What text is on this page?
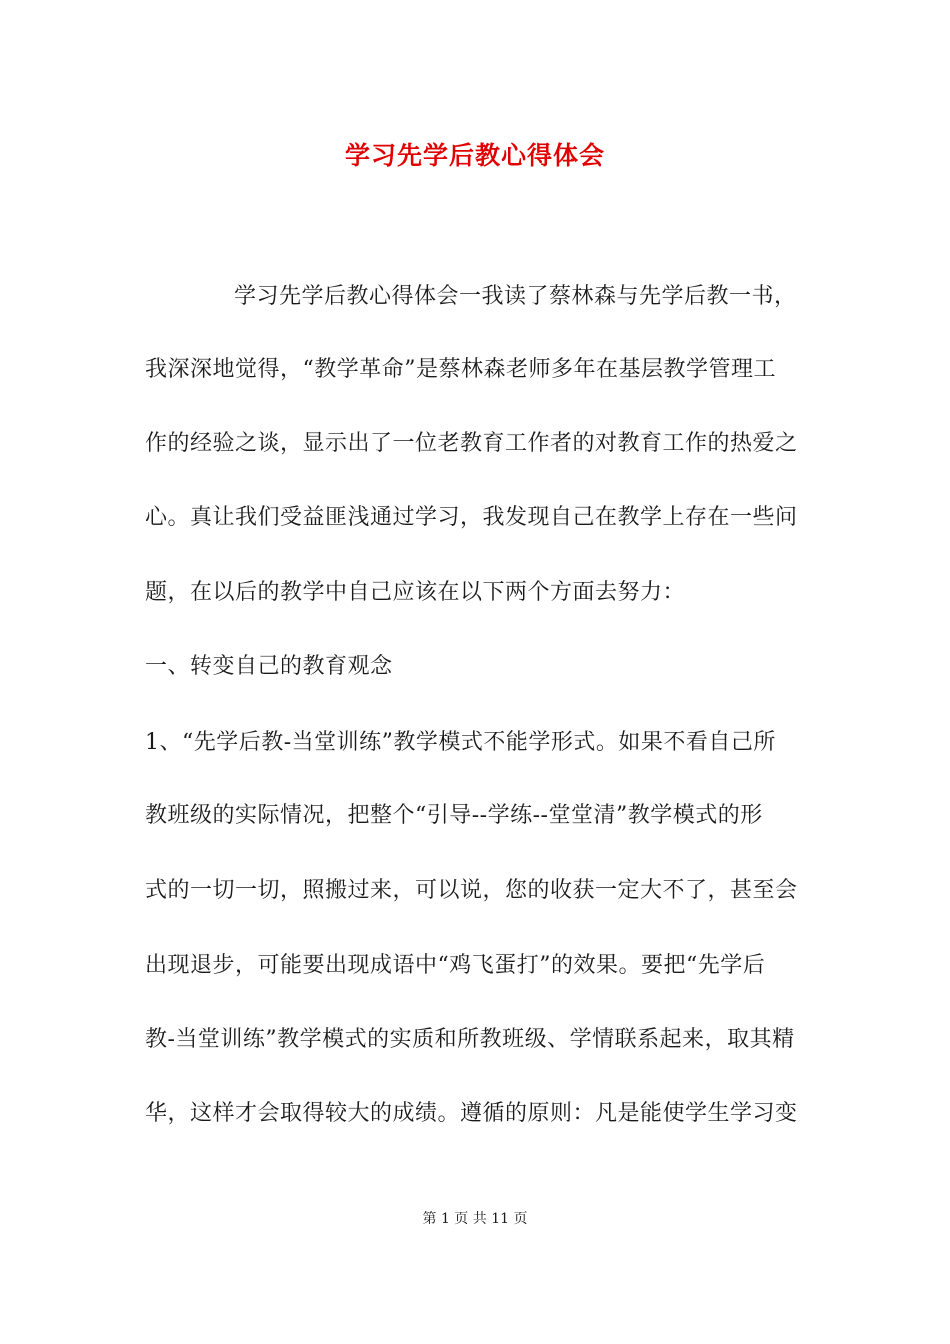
学习先学后教心得体会
学习先学后教心得体会一我读了蔡林森与先学后教一书，
我深深地觉得，“教学革命”是蔡林森老师多年在基层教学管理工
作的经验之谈，显示出了一位老教育工作者的对教育工作的热爱之
心。真让我们受益匪浅通过学习，我发现自己在教学上存在一些问
题，在以后的教学中自己应该在以下两个方面去努力：
一、转变自己的教育观念
1、“先学后教-当堂训练”教学模式不能学形式。如果不看自己所
教班级的实际情况，把整个“引导--学练--堂堂清”教学模式的形
式的一切一切，照搬过来，可以说，您的收获一定大不了，甚至会
出现退步，可能要出现成语中“鸡飞蛋打”的效果。要把“先学后
教-当堂训练”教学模式的实质和所教班级、学情联系起来，取其精
华，这样才会取得较大的成绩。遵循的原则：凡是能使学生学习变
第 1 页 共 11 页
